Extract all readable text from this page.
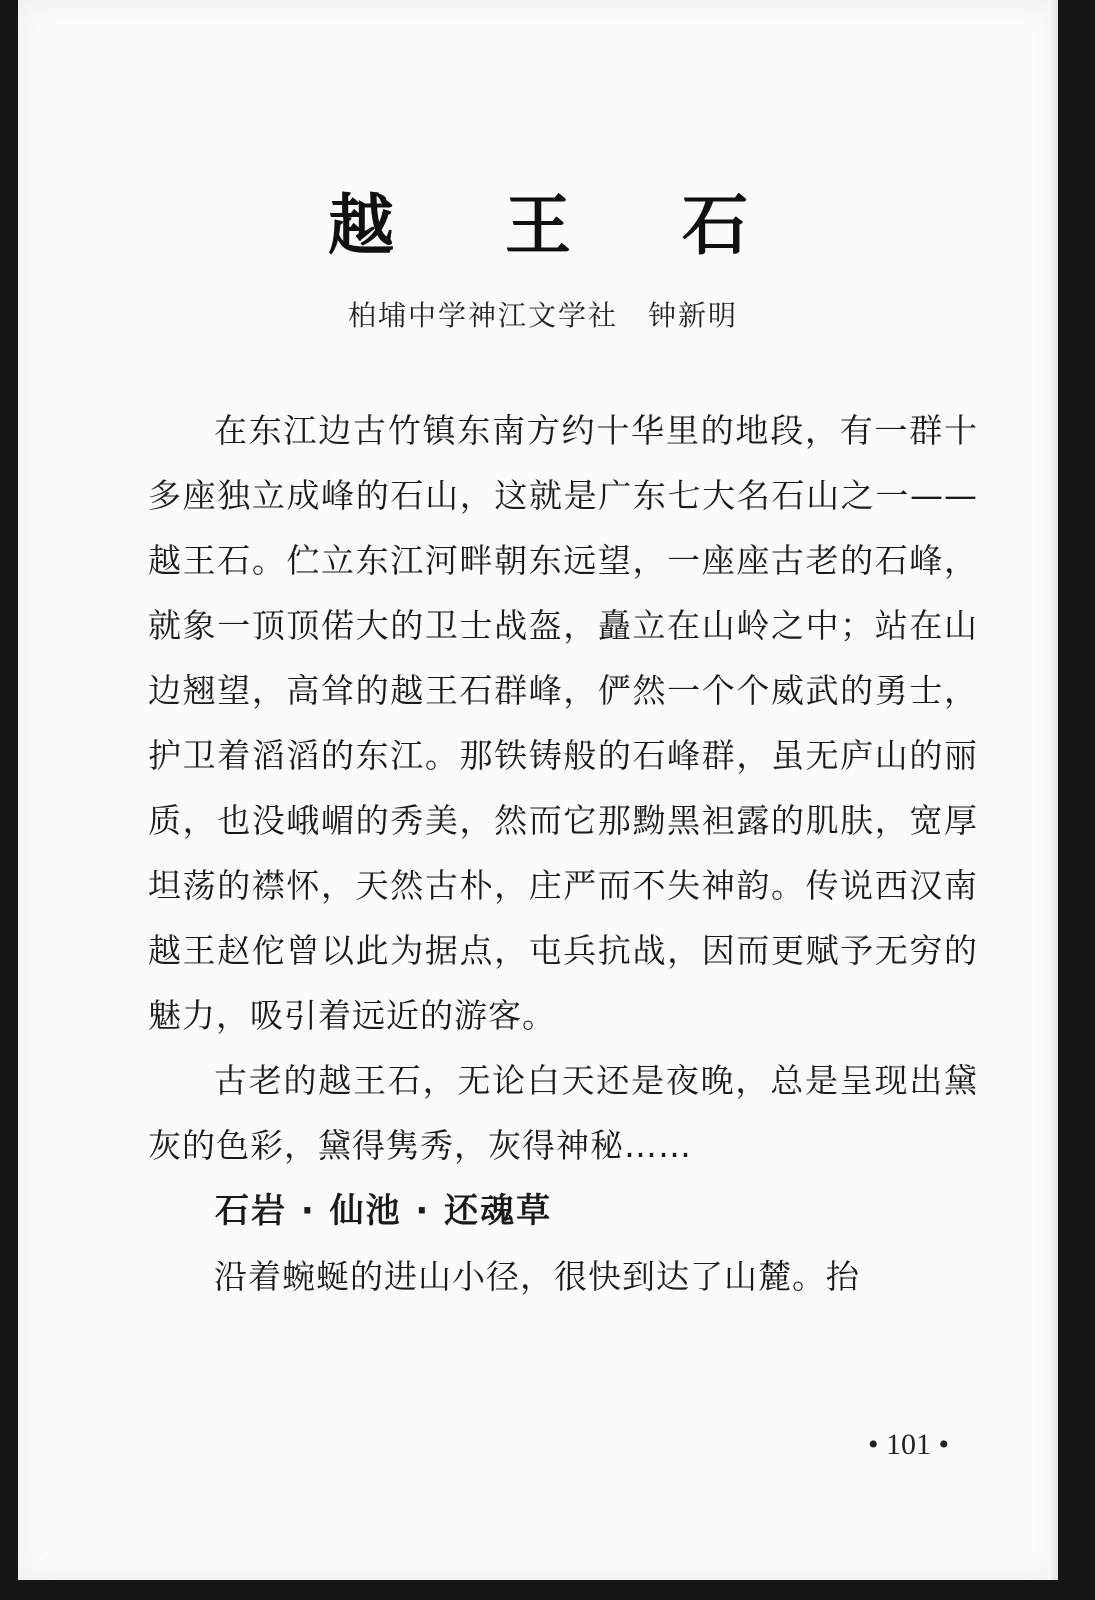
越 王 石
柏埔中学神江文学社 钟新明

在东江边古竹镇东南方约十华里的地段，有一群十多座独立成峰的石山，这就是广东七大名石山之一——越王石。伫立东江河畔朝东远望，一座座古老的石峰，就象一顶顶偌大的卫士战盔，矗立在山岭之中；站在山边翘望，高耸的越王石群峰，俨然一个个威武的勇士，护卫着滔滔的东江。那铁铸般的石峰群，虽无庐山的丽质，也没峨嵋的秀美，然而它那黝黑袒露的肌肤，宽厚坦荡的襟怀，天然古朴，庄严而不失神韵。传说西汉南越王赵佗曾以此为据点，屯兵抗战，因而更赋予无穷的魅力，吸引着远近的游客。

古老的越王石，无论白天还是夜晚，总是呈现出黛灰的色彩，黛得隽秀，灰得神秘……

石岩 · 仙池 · 还魂草

沿着蜿蜒的进山小径，很快到达了山麓。抬

• 101 •
